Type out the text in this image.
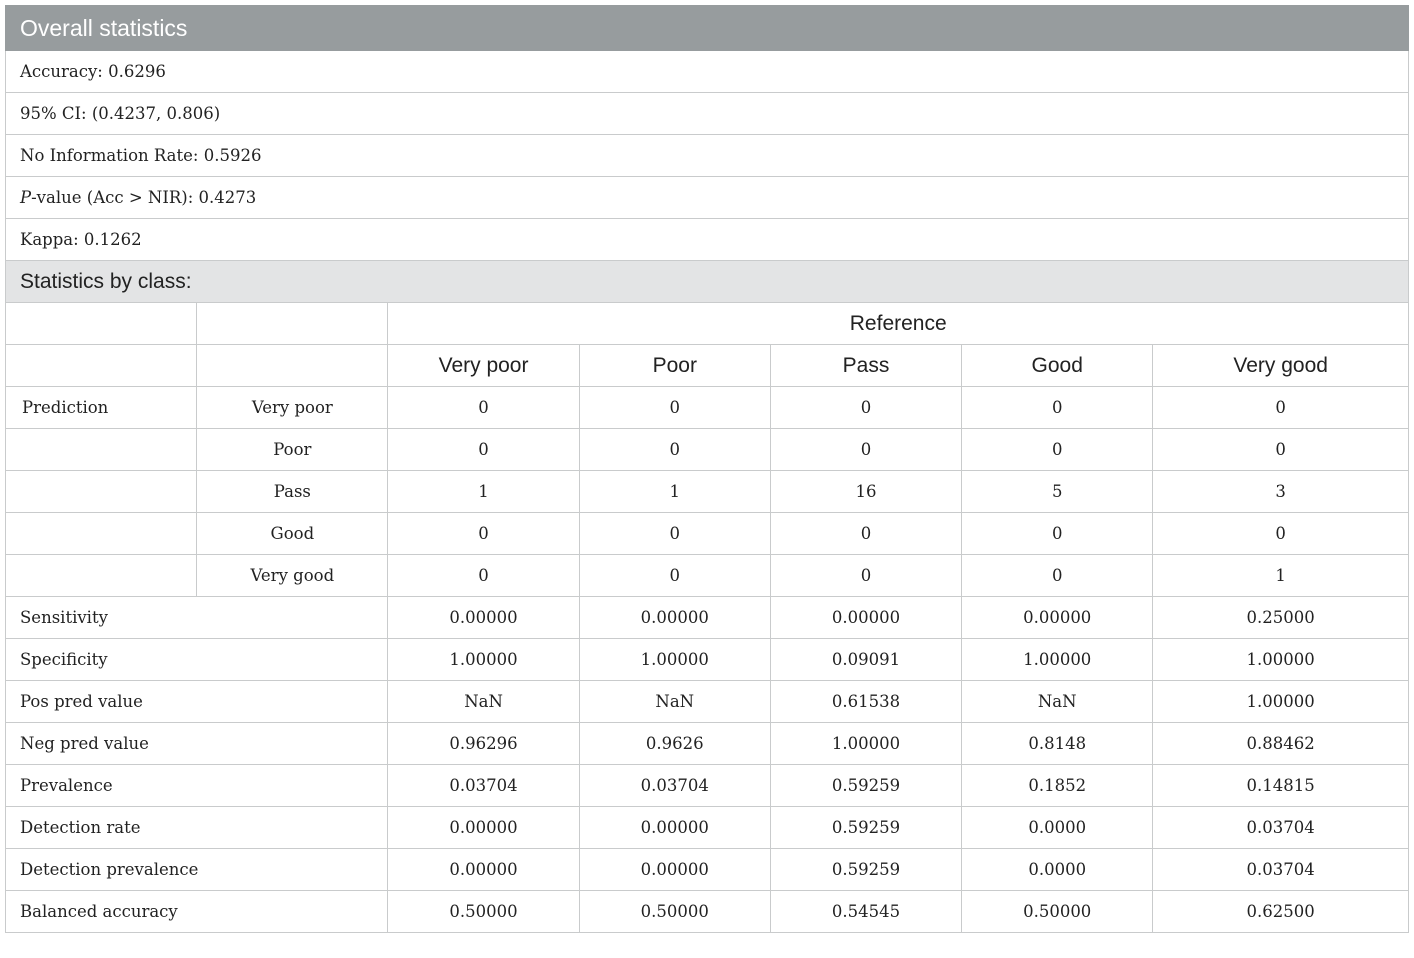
Overall statistics						
Accuracy: 0.6296						
95% CI: (0.4237, 0.806)						
No Information Rate: 0.5926						
P-value (Acc > NIR): 0.4273						
Kappa: 0.1262						
Statistics by class:						
		Reference				
		Very poor	Poor	Pass	Good	Very good
Prediction	Very poor	0	0	0	0	0
	Poor	0	0	0	0	0
	Pass	1	1	16	5	3
	Good	0	0	0	0	0
	Very good	0	0	0	0	1
Sensitivity		0.00000	0.00000	0.00000	0.00000	0.25000
Specificity		1.00000	1.00000	0.09091	1.00000	1.00000
Pos pred value		NaN	NaN	0.61538	NaN	1.00000
Neg pred value		0.96296	0.9626	1.00000	0.8148	0.88462
Prevalence		0.03704	0.03704	0.59259	0.1852	0.14815
Detection rate		0.00000	0.00000	0.59259	0.0000	0.03704
Detection prevalence		0.00000	0.00000	0.59259	0.0000	0.03704
Balanced accuracy		0.50000	0.50000	0.54545	0.50000	0.62500
